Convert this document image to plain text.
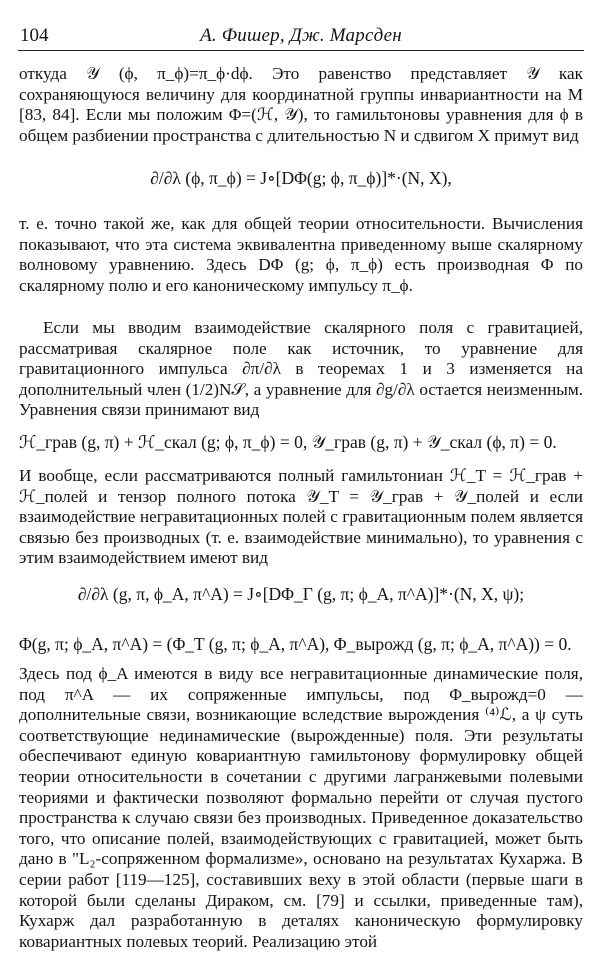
104	А. Фишер, Дж. Марсден

откуда 𝒴 (ϕ, π_ϕ)=π_ϕ·dϕ. Это равенство представляет 𝒴 как сохраняющуюся величину для координатной группы инвариантности на M [83, 84]. Если мы положим Φ=(ℋ, 𝒴), то гамильтоновы уравнения для ϕ в общем разбиении пространства с длительностью N и сдвигом X примут вид

∂/∂λ (ϕ, π_ϕ) = J∘[DΦ(g; ϕ, π_ϕ)]*·(N, X),

т. е. точно такой же, как для общей теории относительности. Вычисления показывают, что эта система эквивалентна приведенному выше скалярному волновому уравнению. Здесь DΦ (g; ϕ, π_ϕ) есть производная Φ по скалярному полю и его каноническому импульсу π_ϕ.

Если мы вводим взаимодействие скалярного поля с гравитацией, рассматривая скалярное поле как источник, то уравнение для гравитационного импульса ∂π/∂λ в теоремах 1 и 3 изменяется на дополнительный член (1/2)N𝒮, а уравнение для ∂g/∂λ остается неизменным. Уравнения связи принимают вид

ℋ_грав (g, π) + ℋ_скал (g; ϕ, π_ϕ) = 0, 𝒴_грав (g, π) + 𝒴_скал (ϕ, π) = 0.

И вообще, если рассматриваются полный гамильтониан ℋ_T = ℋ_грав + ℋ_полей и тензор полного потока 𝒴_T = 𝒴_грав + 𝒴_полей и если взаимодействие негравитационных полей с гравитационным полем является связью без производных (т. е. взаимодействие минимально), то уравнения с этим взаимодействием имеют вид

∂/∂λ (g, π, ϕ_A, π^A) = J∘[DΦ_Γ (g, π; ϕ_A, π^A)]*·(N, X, ψ);
Φ(g, π; ϕ_A, π^A) = (Φ_T (g, π; ϕ_A, π^A), Φ_вырожд (g, π; ϕ_A, π^A)) = 0.

Здесь под ϕ_A имеются в виду все негравитационные динамические поля, под π^A — их сопряженные импульсы, под Φ_вырожд=0 — дополнительные связи, возникающие вследствие вырождения ⁽⁴⁾ℒ, а ψ суть соответствующие нединамические (вырожденные) поля. Эти результаты обеспечивают единую ковариантную гамильтонову формулировку общей теории относительности в сочетании с другими лагранжевыми полевыми теориями и фактически позволяют формально перейти от случая пустого пространства к случаю связи без производных. Приведенное доказательство того, что описание полей, взаимодействующих с гравитацией, может быть дано в "L₂-сопряженном формализме», основано на результатах Кухаржа. В серии работ [119—125], составивших веху в этой области (первые шаги в которой были сделаны Дираком, см. [79] и ссылки, приведенные там), Кухарж дал разработанную в деталях каноническую формулировку ковариантных полевых теорий. Реализацию этой
